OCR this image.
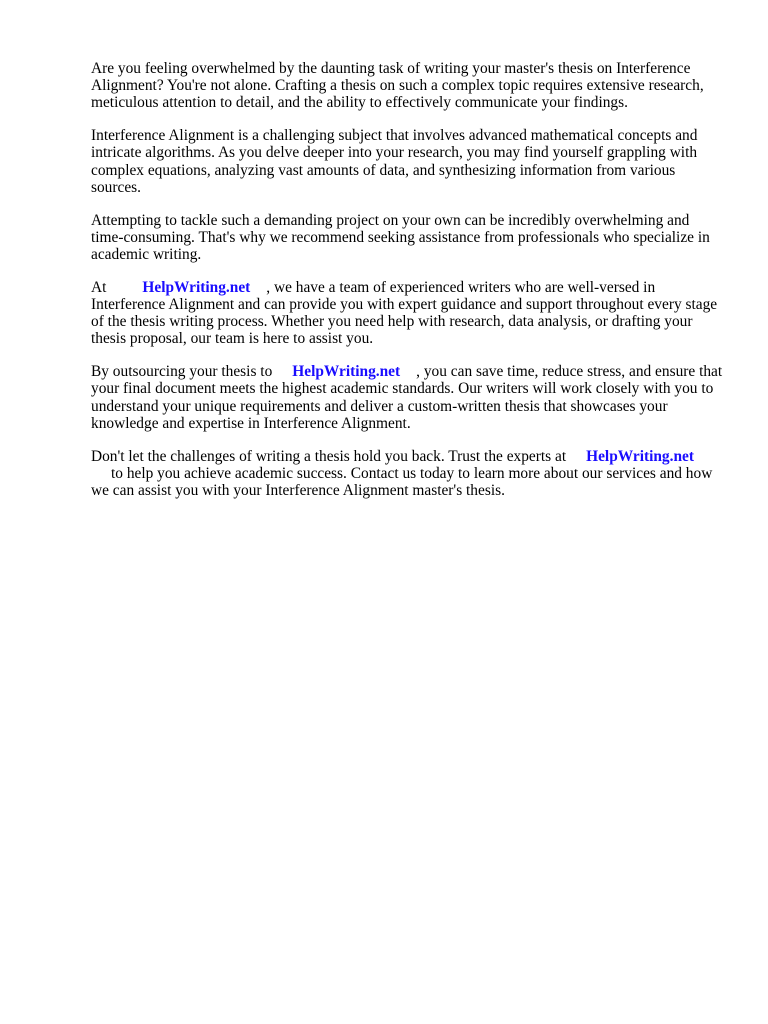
Are you feeling overwhelmed by the daunting task of writing your master's thesis on Interference Alignment? You're not alone. Crafting a thesis on such a complex topic requires extensive research, meticulous attention to detail, and the ability to effectively communicate your findings.

Interference Alignment is a challenging subject that involves advanced mathematical concepts and intricate algorithms. As you delve deeper into your research, you may find yourself grappling with complex equations, analyzing vast amounts of data, and synthesizing information from various sources.

Attempting to tackle such a demanding project on your own can be incredibly overwhelming and time-consuming. That's why we recommend seeking assistance from professionals who specialize in academic writing.

At HelpWriting.net , we have a team of experienced writers who are well-versed in Interference Alignment and can provide you with expert guidance and support throughout every stage of the thesis writing process. Whether you need help with research, data analysis, or drafting your thesis proposal, our team is here to assist you.

By outsourcing your thesis to HelpWriting.net , you can save time, reduce stress, and ensure that your final document meets the highest academic standards. Our writers will work closely with you to understand your unique requirements and deliver a custom-written thesis that showcases your knowledge and expertise in Interference Alignment.

Don't let the challenges of writing a thesis hold you back. Trust the experts at HelpWriting.net
to help you achieve academic success. Contact us today to learn more about our services and how we can assist you with your Interference Alignment master's thesis.
